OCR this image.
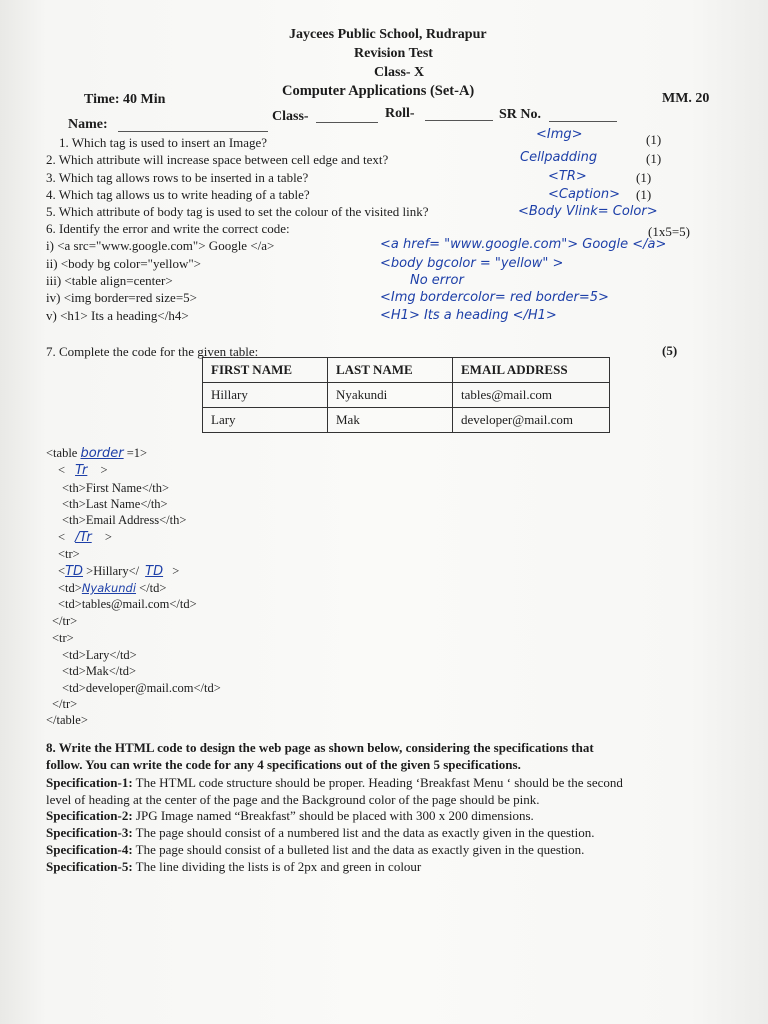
Jaycees Public School, Rudrapur
Revision Test
Class- X
Computer Applications (Set-A)
Time: 40 Min	MM. 20
Name:
Class-	Roll-	SR No.
1. Which tag is used to insert an Image?
<Img>	(1)
2. Which attribute will increase space between cell edge and text?	Cellpadding	(1)
3. Which tag allows rows to be inserted in a table?	<TR>	(1)
4. Which tag allows us to write heading of a table?	<Caption> (1)
5. Which attribute of body tag is used to set the colour of the visited link?	<Body Vlink= Color>
6. Identify the error and write the correct code:	(1x5=5)
i) <a src="www.google.com"> Google </a>	<a href= "www.google.com"> Google </a>
ii) <body bg color="yellow">	<body bgcolor = "yellow" >
iii) <table align=center>	No error
iv) <img border=red size=5>	<Img bordercolor= red border=5>
v) <h1> Its a heading</h4>	<H1> Its a heading </H1>
7. Complete the code for the given table:	(5)
FIRST NAME	LAST NAME	EMAIL ADDRESS
Hillary	Nyakundi	tables@mail.com
Lary	Mak	developer@mail.com
<table border =1>
< Tr >
<th>First Name</th>
<th>Last Name</th>
<th>Email Address</th>
< /Tr >
<tr>
<TD >Hillary</ TD >
<td>Nyakundi </td>
<td>tables@mail.com</td>
</tr>
<tr>
<td>Lary</td>
<td>Mak</td>
<td>developer@mail.com</td>
</tr>
</table>
8. Write the HTML code to design the web page as shown below, considering the specifications that
follow. You can write the code for any 4 specifications out of the given 5 specifications.
Specification-1: The HTML code structure should be proper. Heading ‘Breakfast Menu ‘ should be the second
level of heading at the center of the page and the Background color of the page should be pink.
Specification-2: JPG Image named “Breakfast” should be placed with 300 x 200 dimensions.
Specification-3: The page should consist of a numbered list and the data as exactly given in the question.
Specification-4: The page should consist of a bulleted list and the data as exactly given in the question.
Specification-5: The line dividing the lists is of 2px and green in colour
